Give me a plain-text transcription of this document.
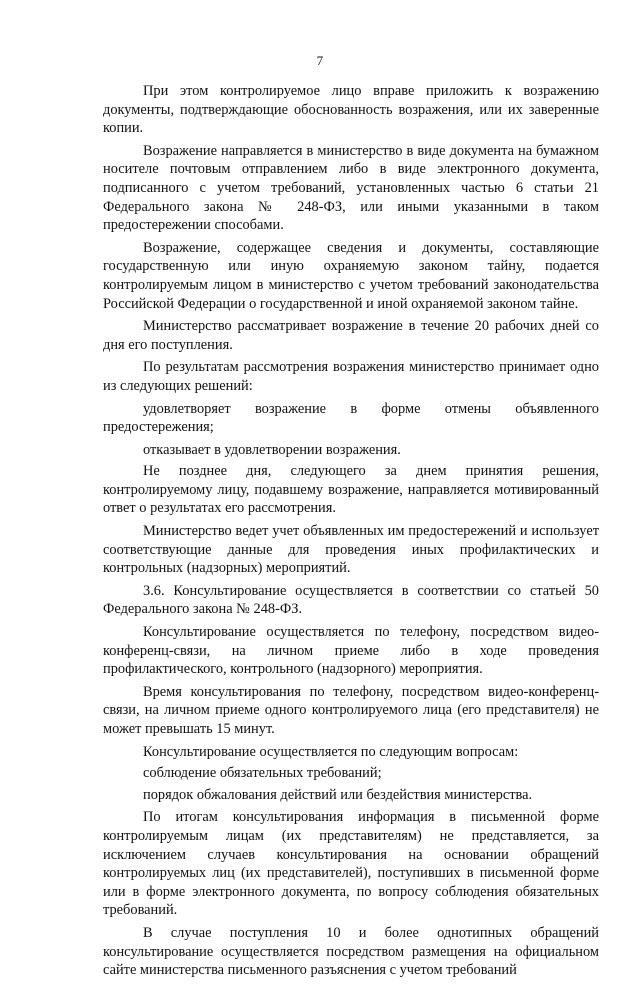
7

При этом контролируемое лицо вправе приложить к возражению документы, подтверждающие обоснованность возражения, или их заверенные копии.

Возражение направляется в министерство в виде документа на бумажном носителе почтовым отправлением либо в виде электронного документа, подписанного с учетом требований, установленных частью 6 статьи 21 Федерального закона № 248-ФЗ, или иными указанными в таком предостережении способами.

Возражение, содержащее сведения и документы, составляющие государственную или иную охраняемую законом тайну, подается контролируемым лицом в министерство с учетом требований законодательства Российской Федерации о государственной и иной охраняемой законом тайне.

Министерство рассматривает возражение в течение 20 рабочих дней со дня его поступления.

По результатам рассмотрения возражения министерство принимает одно из следующих решений:

удовлетворяет возражение в форме отмены объявленного предостережения;

отказывает в удовлетворении возражения.

Не позднее дня, следующего за днем принятия решения, контролируемому лицу, подавшему возражение, направляется мотивированный ответ о результатах его рассмотрения.

Министерство ведет учет объявленных им предостережений и использует соответствующие данные для проведения иных профилактических и контрольных (надзорных) мероприятий.

3.6. Консультирование осуществляется в соответствии со статьей 50 Федерального закона № 248-ФЗ.

Консультирование осуществляется по телефону, посредством видео-конференц-связи, на личном приеме либо в ходе проведения профилактического, контрольного (надзорного) мероприятия.

Время консультирования по телефону, посредством видео-конференц-связи, на личном приеме одного контролируемого лица (его представителя) не может превышать 15 минут.

Консультирование осуществляется по следующим вопросам:

соблюдение обязательных требований;

порядок обжалования действий или бездействия министерства.

По итогам консультирования информация в письменной форме контролируемым лицам (их представителям) не представляется, за исключением случаев консультирования на основании обращений контролируемых лиц (их представителей), поступивших в письменной форме или в форме электронного документа, по вопросу соблюдения обязательных требований.

В случае поступления 10 и более однотипных обращений консультирование осуществляется посредством размещения на официальном сайте министерства письменного разъяснения с учетом требований
